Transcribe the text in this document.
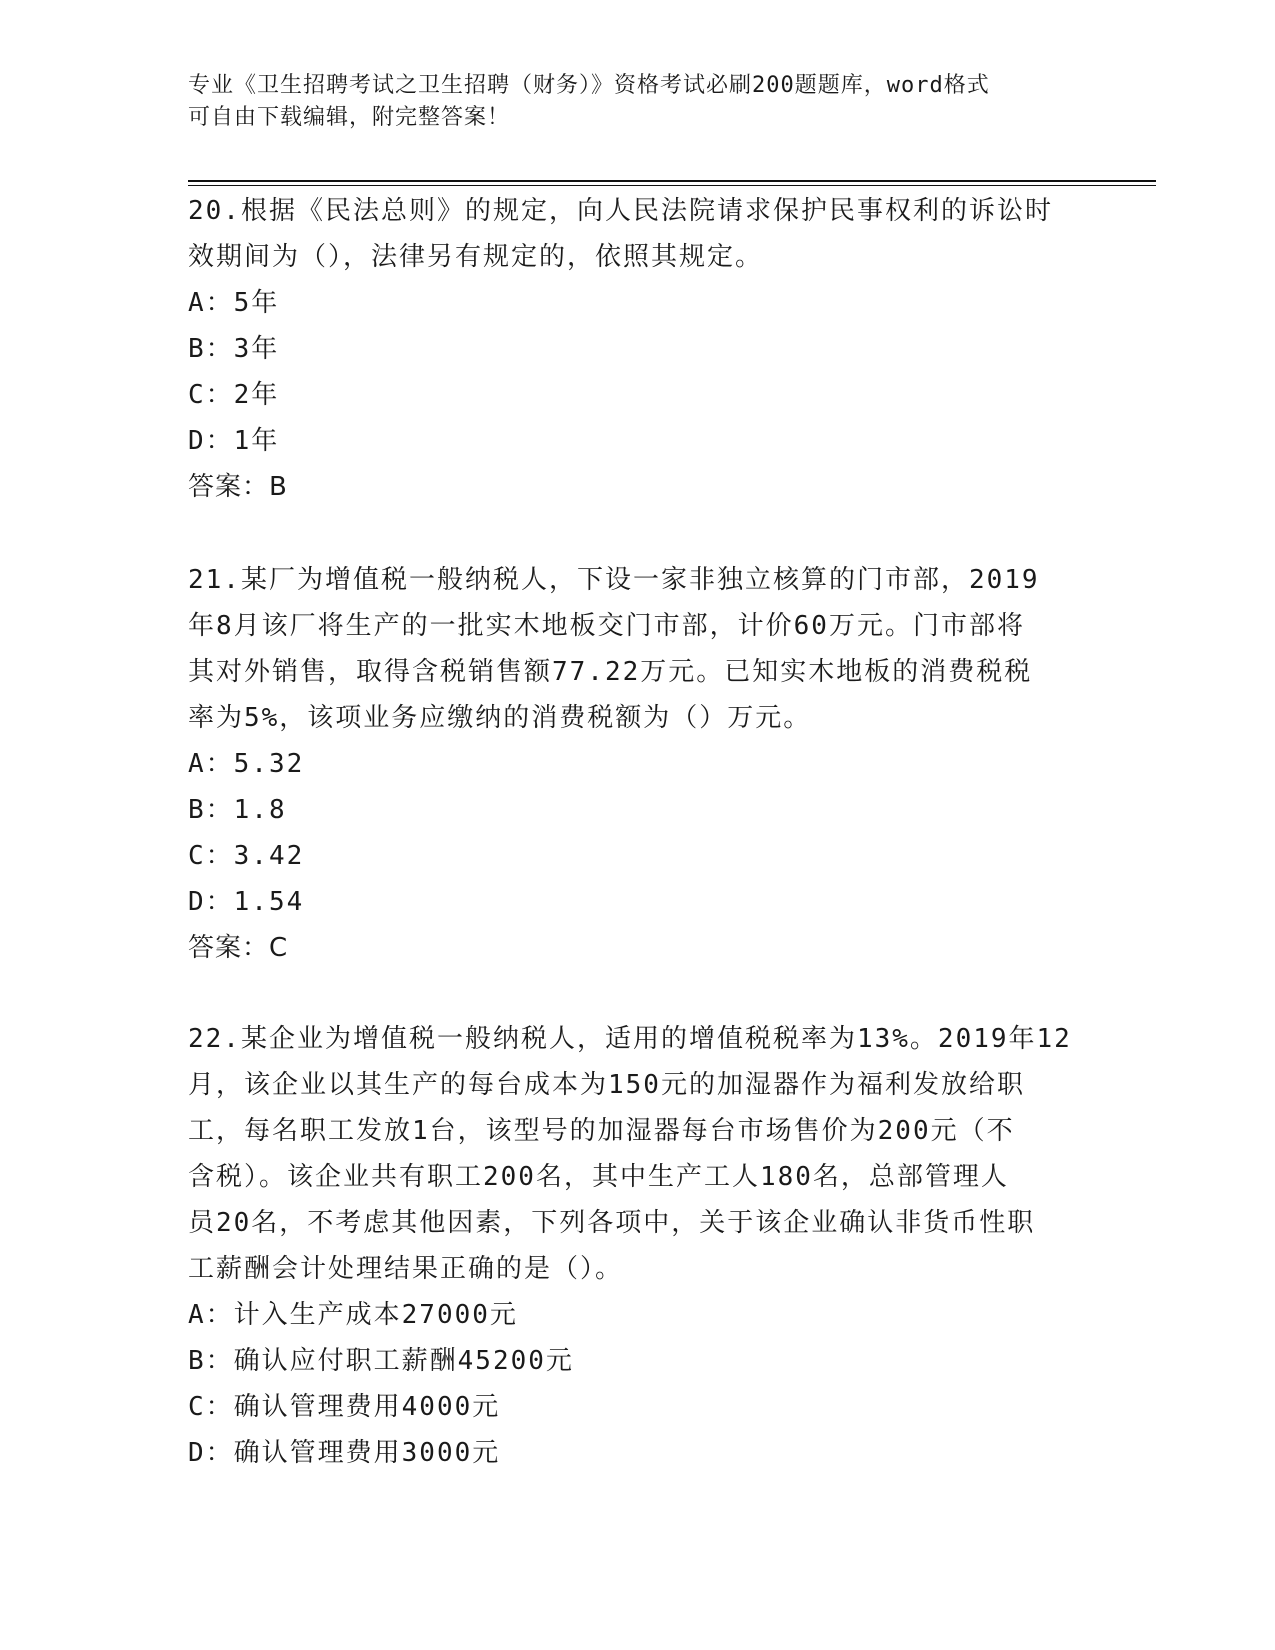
专业《卫生招聘考试之卫生招聘（财务）》资格考试必刷200题题库，word格式
可自由下载编辑，附完整答案！
20.根据《民法总则》的规定，向人民法院请求保护民事权利的诉讼时
效期间为（），法律另有规定的，依照其规定。
A：5年
B：3年
C：2年
D：1年
答案：B
21.某厂为增值税一般纳税人，下设一家非独立核算的门市部，2019
年8月该厂将生产的一批实木地板交门市部，计价60万元。门市部将
其对外销售，取得含税销售额77.22万元。已知实木地板的消费税税
率为5%，该项业务应缴纳的消费税额为（）万元。
A：5.32
B：1.8
C：3.42
D：1.54
答案：C
22.某企业为增值税一般纳税人，适用的增值税税率为13%。2019年12
月，该企业以其生产的每台成本为150元的加湿器作为福利发放给职
工，每名职工发放1台，该型号的加湿器每台市场售价为200元（不
含税）。该企业共有职工200名，其中生产工人180名，总部管理人
员20名，不考虑其他因素，下列各项中，关于该企业确认非货币性职
工薪酬会计处理结果正确的是（）。
A：计入生产成本27000元
B：确认应付职工薪酬45200元
C：确认管理费用4000元
D：确认管理费用3000元
